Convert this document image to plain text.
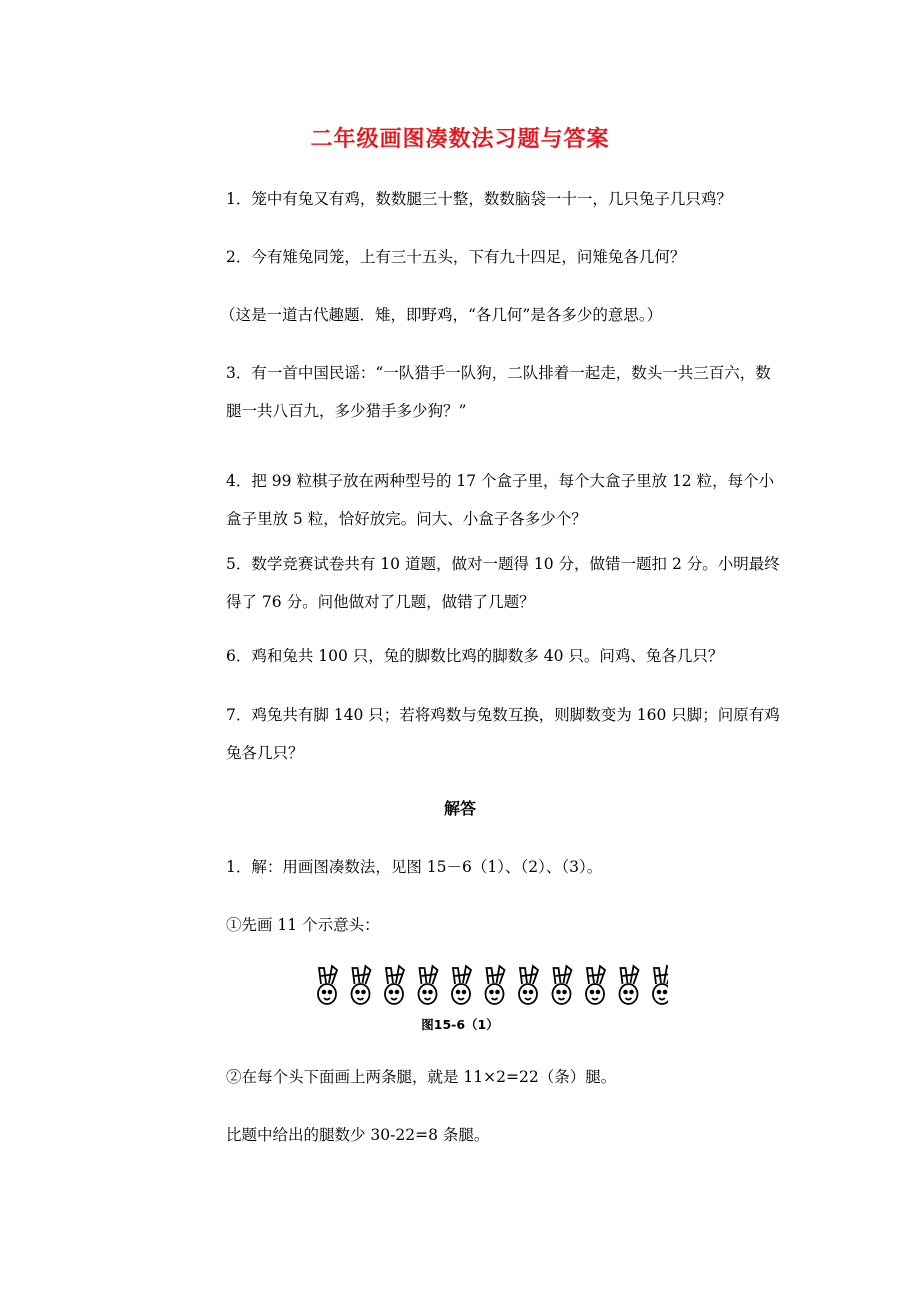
二年级画图凑数法习题与答案

1．笼中有兔又有鸡，数数腿三十整，数数脑袋一十一，几只兔子几只鸡？

2．今有雉兔同笼，上有三十五头，下有九十四足，问雉兔各几何？

（这是一道古代趣题．雉，即野鸡，“各几何”是各多少的意思。）

3．有一首中国民谣：“一队猎手一队狗，二队排着一起走，数头一共三百六，数腿一共八百九，多少猎手多少狗？”

4．把 99 粒棋子放在两种型号的 17 个盒子里，每个大盒子里放 12 粒，每个小盒子里放 5 粒，恰好放完。问大、小盒子各多少个？

5．数学竞赛试卷共有 10 道题，做对一题得 10 分，做错一题扣 2 分。小明最终得了 76 分。问他做对了几题，做错了几题？

6．鸡和兔共 100 只，兔的脚数比鸡的脚数多 40 只。问鸡、兔各几只？

7．鸡兔共有脚 140 只；若将鸡数与兔数互换，则脚数变为 160 只脚；问原有鸡兔各几只？

解答

1．解：用画图凑数法，见图 15－6（1）、（2）、（3）。

①先画 11 个示意头：

图15-6（1）

②在每个头下面画上两条腿，就是 11×2=22（条）腿。

比题中给出的腿数少 30-22=8 条腿。
